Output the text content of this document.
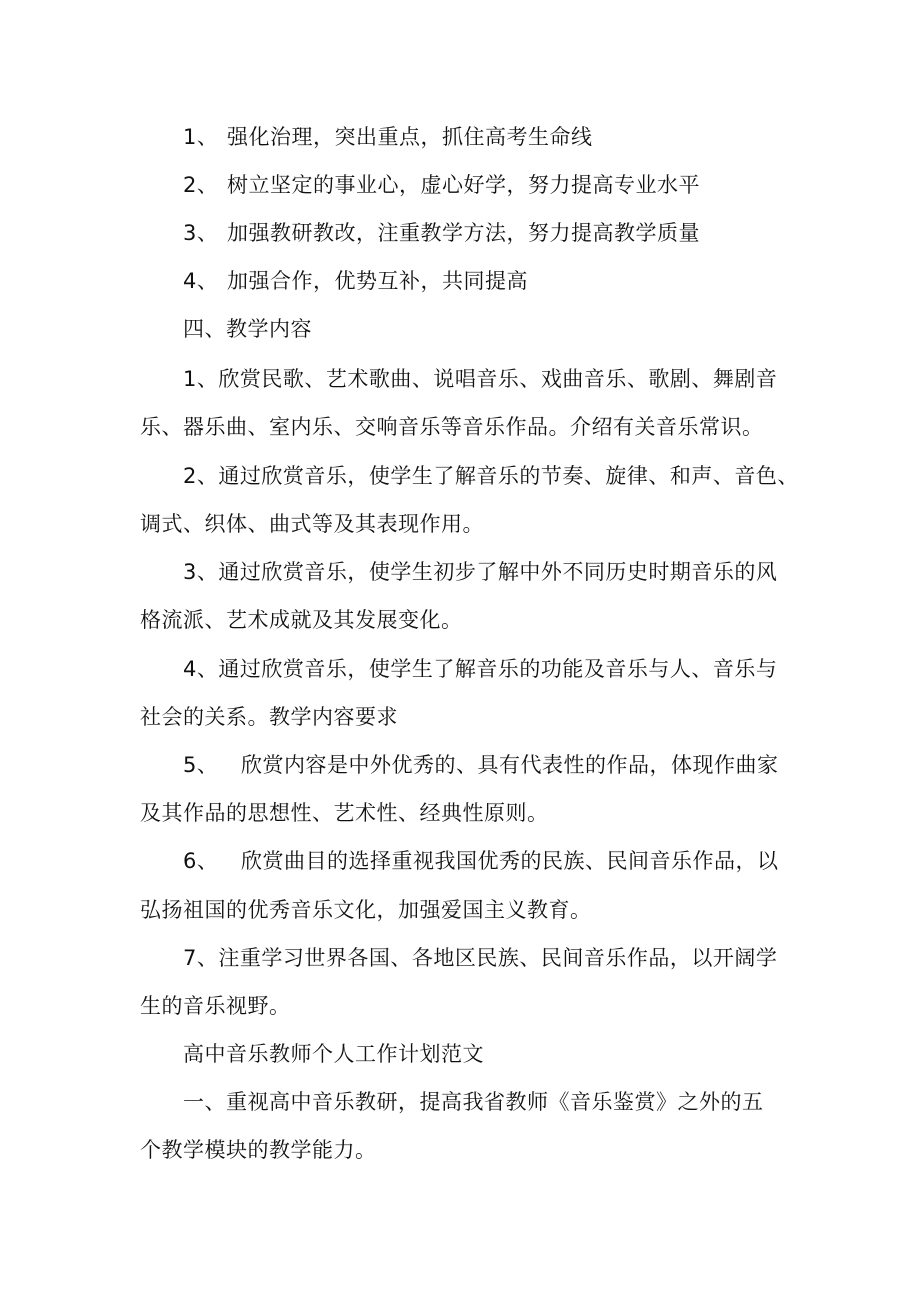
1、 强化治理，突出重点，抓住高考生命线
2、 树立坚定的事业心，虚心好学，努力提高专业水平
3、 加强教研教改，注重教学方法，努力提高教学质量
4、 加强合作，优势互补，共同提高
四、教学内容
1、欣赏民歌、艺术歌曲、说唱音乐、戏曲音乐、歌剧、舞剧音
乐、器乐曲、室内乐、交响音乐等音乐作品。介绍有关音乐常识。
2、通过欣赏音乐，使学生了解音乐的节奏、旋律、和声、音色、
调式、织体、曲式等及其表现作用。
3、通过欣赏音乐，使学生初步了解中外不同历史时期音乐的风
格流派、艺术成就及其发展变化。
4、通过欣赏音乐，使学生了解音乐的功能及音乐与人、音乐与
社会的关系。教学内容要求
5、 欣赏内容是中外优秀的、具有代表性的作品，体现作曲家
及其作品的思想性、艺术性、经典性原则。
6、 欣赏曲目的选择重视我国优秀的民族、民间音乐作品，以
弘扬祖国的优秀音乐文化，加强爱国主义教育。
7、注重学习世界各国、各地区民族、民间音乐作品，以开阔学
生的音乐视野。
高中音乐教师个人工作计划范文
一、重视高中音乐教研，提高我省教师《音乐鉴赏》之外的五
个教学模块的教学能力。
